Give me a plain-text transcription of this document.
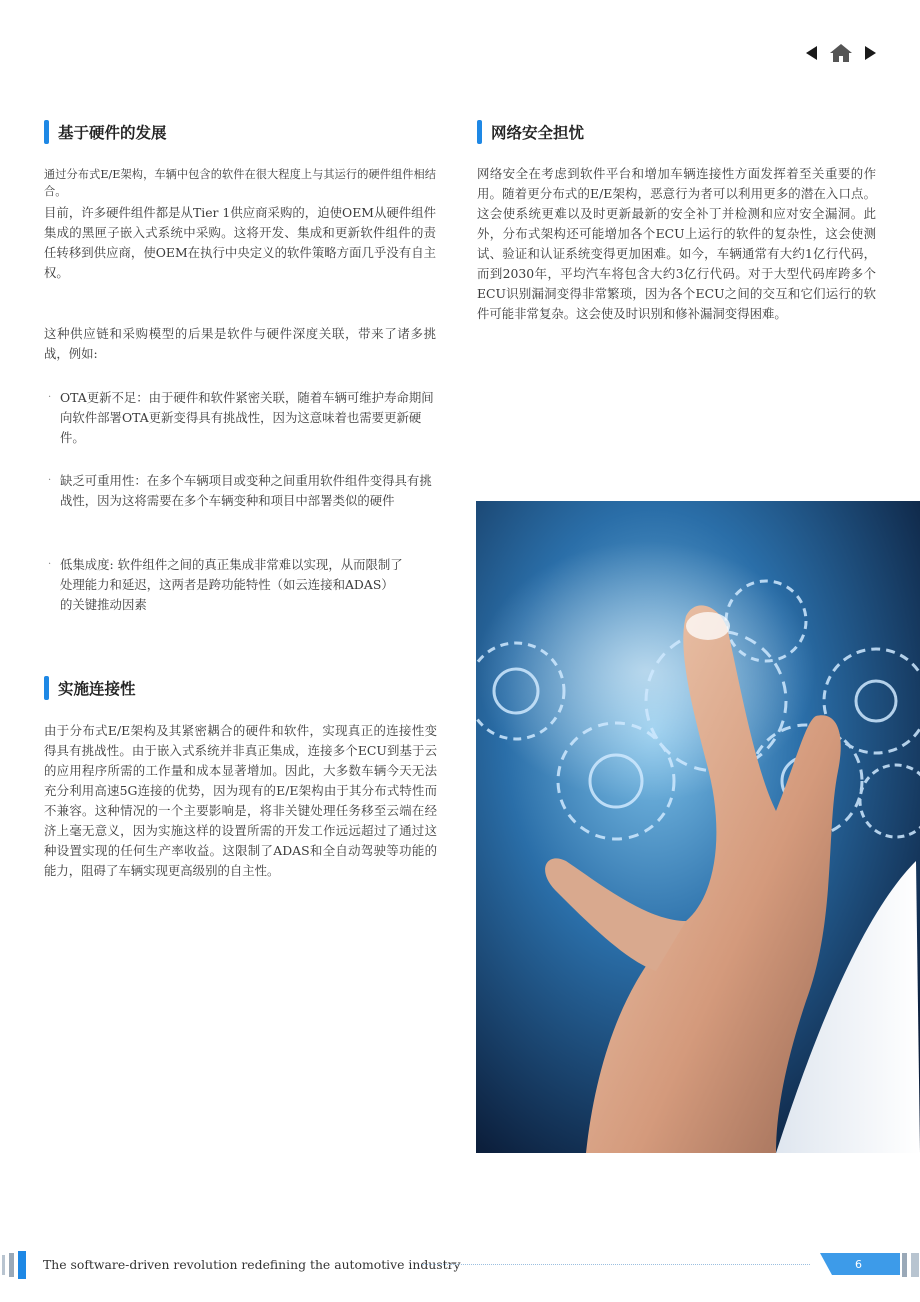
基于硬件的发展

通过分布式E/E架构，车辆中包含的软件在很大程度上与其运行的硬件组件相结合。

目前，许多硬件组件都是从Tier 1供应商采购的，迫使OEM从硬件组件集成的黑匣子嵌入式系统中采购。这将开发、集成和更新软件组件的责任转移到供应商，使OEM在执行中央定义的软件策略方面几乎没有自主权。

这种供应链和采购模型的后果是软件与硬件深度关联，带来了诸多挑战，例如:

· OTA更新不足：由于硬件和软件紧密关联，随着车辆可维护寿命期间向软件部署OTA更新变得具有挑战性，因为这意味着也需要更新硬件。
· 缺乏可重用性：在多个车辆项目或变种之间重用软件组件变得具有挑战性，因为这将需要在多个车辆变种和项目中部署类似的硬件
· 低集成度: 软件组件之间的真正集成非常难以实现，从而限制了处理能力和延迟，这两者是跨功能特性（如云连接和ADAS）的关键推动因素
实施连接性

由于分布式E/E架构及其紧密耦合的硬件和软件，实现真正的连接性变得具有挑战性。由于嵌入式系统并非真正集成，连接多个ECU到基于云的应用程序所需的工作量和成本显著增加。因此，大多数车辆今天无法充分利用高速5G连接的优势，因为现有的E/E架构由于其分布式特性而不兼容。这种情况的一个主要影响是，将非关键处理任务移至云端在经济上毫无意义，因为实施这样的设置所需的开发工作远远超过了通过这种设置实现的任何生产率收益。这限制了ADAS和全自动驾驶等功能的能力，阻碍了车辆实现更高级别的自主性。

网络安全担忧

网络安全在考虑到软件平台和增加车辆连接性方面发挥着至关重要的作用。随着更分布式的E/E架构，恶意行为者可以利用更多的潜在入口点。这会使系统更难以及时更新最新的安全补丁并检测和应对安全漏洞。此外，分布式架构还可能增加各个ECU上运行的软件的复杂性，这会使测试、验证和认证系统变得更加困难。如今，车辆通常有大约1亿行代码，而到2030年，平均汽车将包含大约3亿行代码。对于大型代码库跨多个ECU识别漏洞变得非常繁琐，因为各个ECU之间的交互和它们运行的软件可能非常复杂。这会使及时识别和修补漏洞变得困难。

The software-driven revolution redefining the automotive industry	6
